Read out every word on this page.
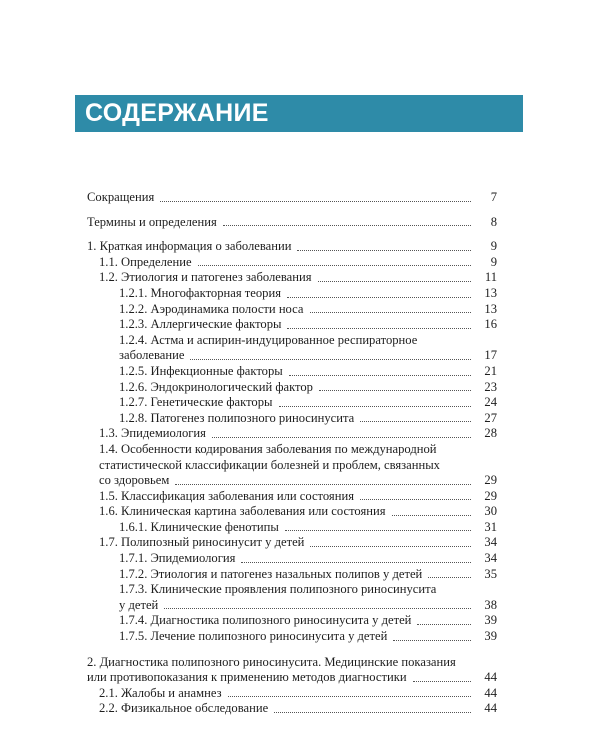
СОДЕРЖАНИЕ
Сокращения	7
Термины и определения	8
1. Краткая информация о заболевании	9
1.1. Определение	9
1.2. Этиология и патогенез заболевания	11
1.2.1. Многофакторная теория	13
1.2.2. Аэродинамика полости носа	13
1.2.3. Аллергические факторы	16
1.2.4. Астма и аспирин-индуцированное респираторное
заболевание	17
1.2.5. Инфекционные факторы	21
1.2.6. Эндокринологический фактор	23
1.2.7. Генетические факторы	24
1.2.8. Патогенез полипозного риносинусита	27
1.3. Эпидемиология	28
1.4. Особенности кодирования заболевания по международной статистической классификации болезней и проблем, связанных
со здоровьем	29
1.5. Классификация заболевания или состояния	29
1.6. Клиническая картина заболевания или состояния	30
1.6.1. Клинические фенотипы	31
1.7. Полипозный риносинусит у детей	34
1.7.1. Эпидемиология	34
1.7.2. Этиология и патогенез назальных полипов у детей	35
1.7.3. Клинические проявления полипозного риносинусита
у детей	38
1.7.4. Диагностика полипозного риносинусита у детей	39
1.7.5. Лечение полипозного риносинусита у детей	39
2. Диагностика полипозного риносинусита. Медицинские показания
или противопоказания к применению методов диагностики	44
2.1. Жалобы и анамнез	44
2.2. Физикальное обследование	44
